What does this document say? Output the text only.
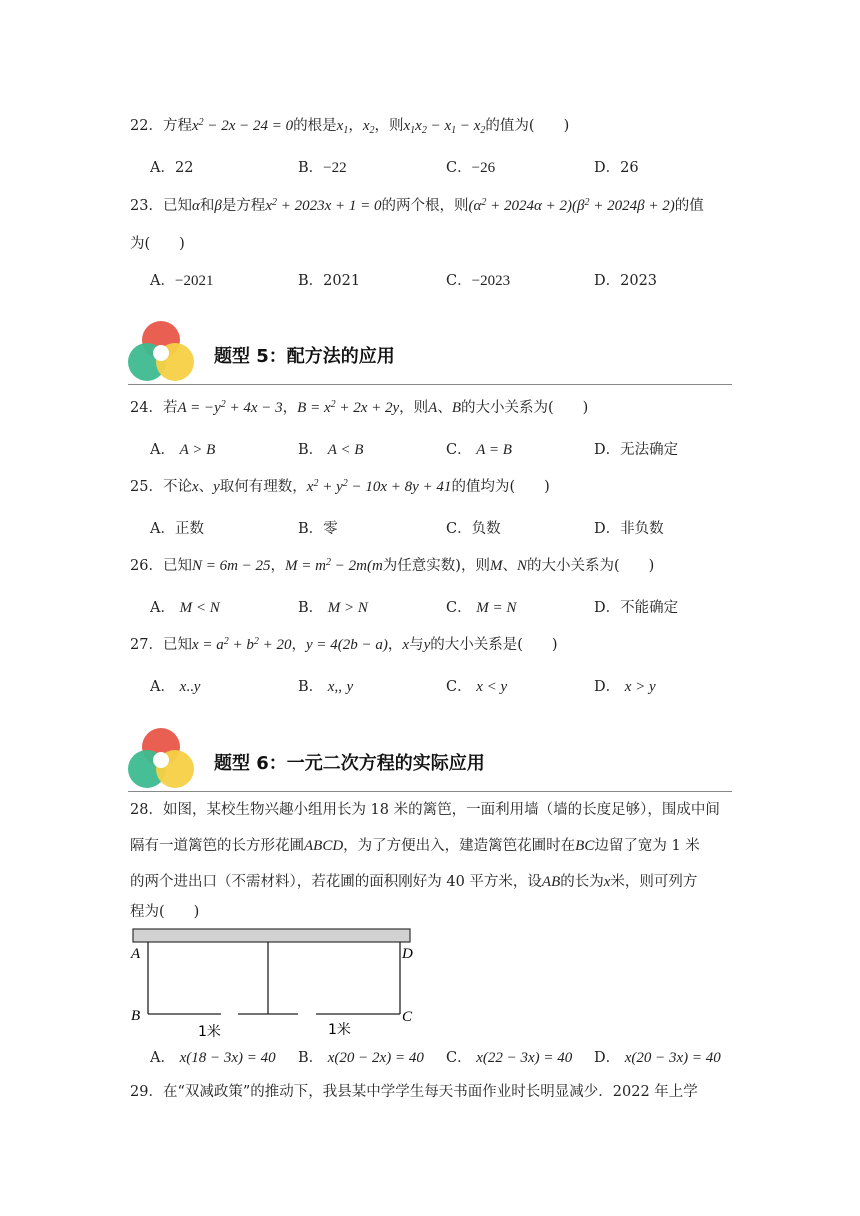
22．方程$x^2 - 2x - 24 = 0$的根是$x_1$，$x_2$，则$x_1x_2 - x_1 - x_2$的值为(　　)
A．22	B．−22	C．−26	D．26
23．已知α和β是方程$x^2 + 2023x + 1 = 0$的两个根，则$(\alpha^2 + 2024\alpha + 2)(\beta^2 + 2024\beta + 2)$的值
为(　　)
A．−2021	B．2021	C．−2023	D．2023
题型 5：配方法的应用
24．若$A = -y^2 + 4x - 3$，$B = x^2 + 2x + 2y$，则A、B的大小关系为(　　)
A． A > B	B． A < B	C． A = B	D．无法确定
25．不论x、y取何有理数，$x^2 + y^2 - 10x + 8y + 41$的值均为(　　)
A．正数	B．零	C．负数	D．非负数
26．已知N = 6m − 25，$M = m^2 - 2m(m$为任意实数)，则M、N的大小关系为(　　)
A． M < N	B． M > N	C． M = N	D．不能确定
27．已知$x = a^2 + b^2 + 20$，y = 4(2b − a)，x与y的大小关系是(　　)
A． x..y	B． x,, y	C． x < y	D． x > y
题型 6：一元二次方程的实际应用
28．如图，某校生物兴趣小组用长为 18 米的篱笆，一面利用墙（墙的长度足够），围成中间
隔有一道篱笆的长方形花圃ABCD，为了方便出入，建造篱笆花圃时在BC边留了宽为 1 米
的两个进出口（不需材料），若花圃的面积刚好为 40 平方米，设AB的长为x米，则可列方
程为(　　)
A	D
B	C
1米	1米
A． x(18 − 3x) = 40 B． x(20 − 2x) = 40 C． x(22 − 3x) = 40 D． x(20 − 3x) = 40
29．在“双减政策”的推动下，我县某中学学生每天书面作业时长明显减少．2022 年上学
